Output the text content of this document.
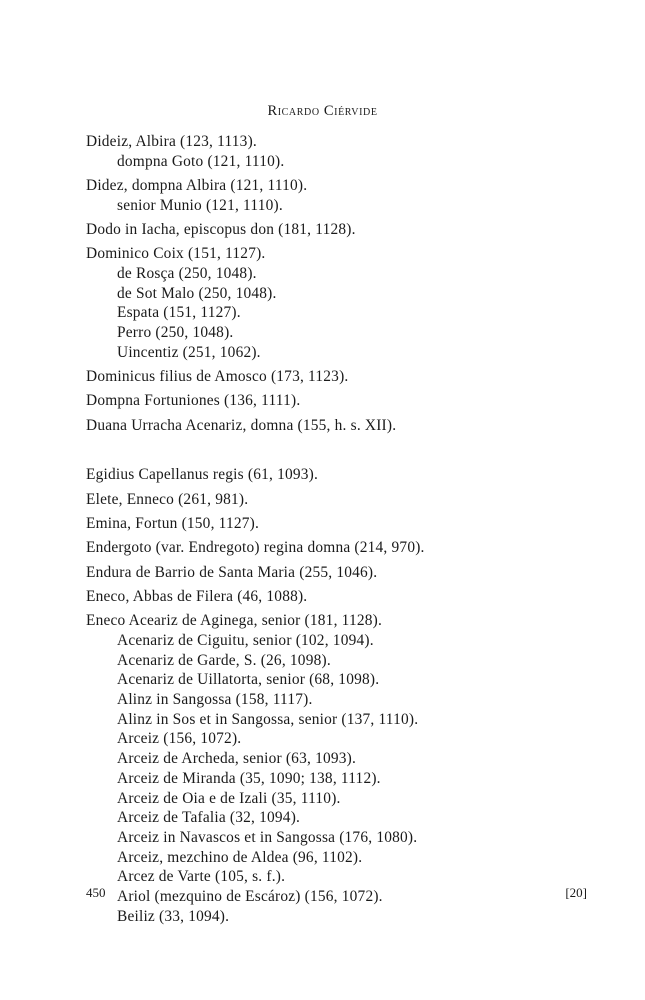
Ricardo Ciérvide
Dideiz, Albira (123, 1113).
dompna Goto (121, 1110).
Didez, dompna Albira (121, 1110).
senior Munio (121, 1110).
Dodo in Iacha, episcopus don (181, 1128).
Dominico Coix (151, 1127).
de Rosça (250, 1048).
de Sot Malo (250, 1048).
Espata (151, 1127).
Perro (250, 1048).
Uincentiz (251, 1062).
Dominicus filius de Amosco (173, 1123).
Dompna Fortuniones (136, 1111).
Duana Urracha Acenariz, domna (155, h. s. XII).
Egidius Capellanus regis (61, 1093).
Elete, Enneco (261, 981).
Emina, Fortun (150, 1127).
Endergoto (var. Endregoto) regina domna (214, 970).
Endura de Barrio de Santa Maria (255, 1046).
Eneco, Abbas de Filera (46, 1088).
Eneco Aceariz de Aginega, senior (181, 1128).
Acenariz de Ciguitu, senior (102, 1094).
Acenariz de Garde, S. (26, 1098).
Acenariz de Uillatorta, senior (68, 1098).
Alinz in Sangossa (158, 1117).
Alinz in Sos et in Sangossa, senior (137, 1110).
Arceiz (156, 1072).
Arceiz de Archeda, senior (63, 1093).
Arceiz de Miranda (35, 1090; 138, 1112).
Arceiz de Oia e de Izali (35, 1110).
Arceiz de Tafalia (32, 1094).
Arceiz in Navascos et in Sangossa (176, 1080).
Arceiz, mezchino de Aldea (96, 1102).
Arcez de Varte (105, s. f.).
Ariol (mezquino de Escároz) (156, 1072).
Beiliz (33, 1094).

450	[20]
